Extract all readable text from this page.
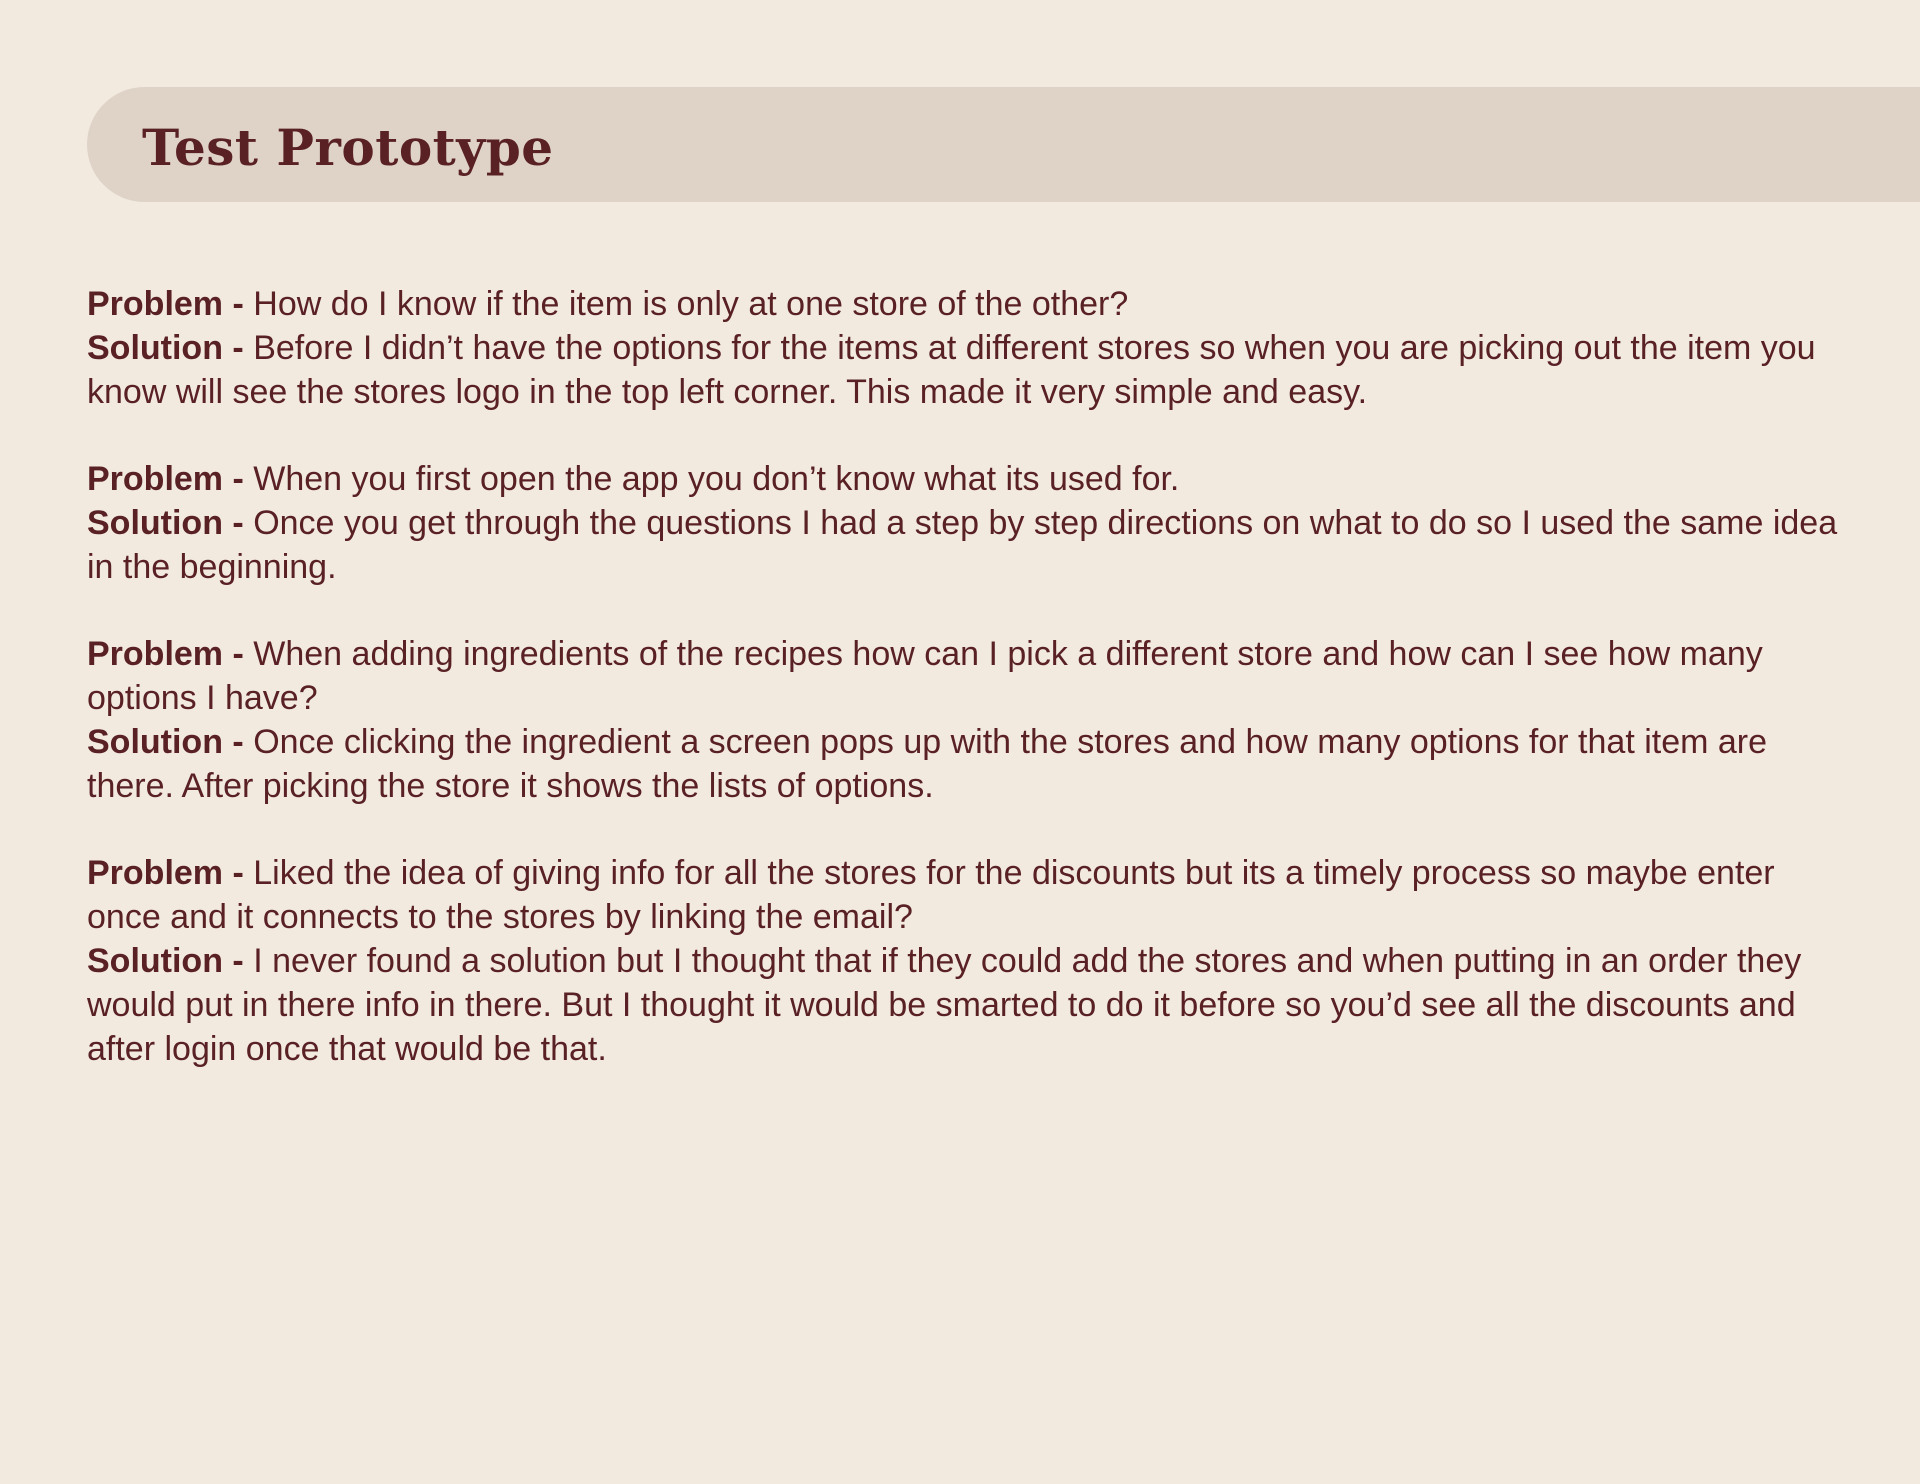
Test Prototype

Problem - How do I know if the item is only at one store of the other?

Solution - Before I didn’t have the options for the items at different stores so when you are picking out the item you know will see the stores logo in the top left corner. This made it very simple and easy.

Problem - When you first open the app you don’t know what its used for.

Solution - Once you get through the questions I had a step by step directions on what to do so I used the same idea in the beginning.

Problem - When adding ingredients of the recipes how can I pick a different store and how can I see how many options I have?

Solution - Once clicking the ingredient a screen pops up with the stores and how many options for that item are there. After picking the store it shows the lists of options.

Problem - Liked the idea of giving info for all the stores for the discounts but its a timely process so maybe enter once and it connects to the stores by linking the email?

Solution - I never found a solution but I thought that if they could add the stores and when putting in an order they would put in there info in there. But I thought it would be smarted to do it before so you’d see all the discounts and after login once that would be that.
